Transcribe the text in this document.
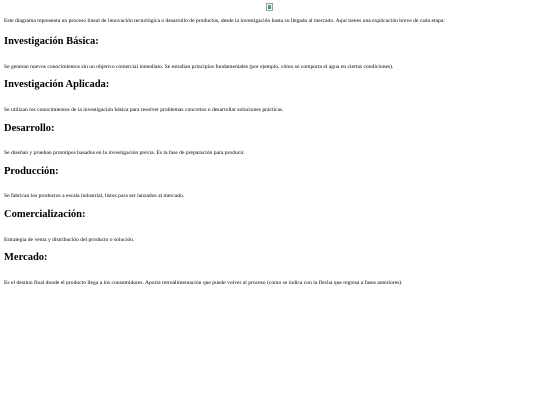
Este diagrama representa un proceso lineal de innovación tecnológica o desarrollo de productos, desde la investigación hasta su llegada al mercado. Aquí tienes una explicación breve de cada etapa:

Investigación Básica:

Se generan nuevos conocimientos sin un objetivo comercial inmediato. Se estudian principios fundamentales (por ejemplo, cómo se comporta el agua en ciertas condiciones).

Investigación Aplicada:

Se utilizan los conocimientos de la investigación básica para resolver problemas concretos o desarrollar soluciones prácticas.

Desarrollo:

Se diseñan y prueban prototipos basados en la investigación previa. Es la fase de preparación para producir.

Producción:

Se fabrican los productos a escala industrial, listos para ser lanzados al mercado.

Comercialización:

Estrategia de venta y distribución del producto o solución.

Mercado:

Es el destino final donde el producto llega a los consumidores. Aporta retroalimentación que puede volver al proceso (como se indica con la flecha que regresa a fases anteriores).
